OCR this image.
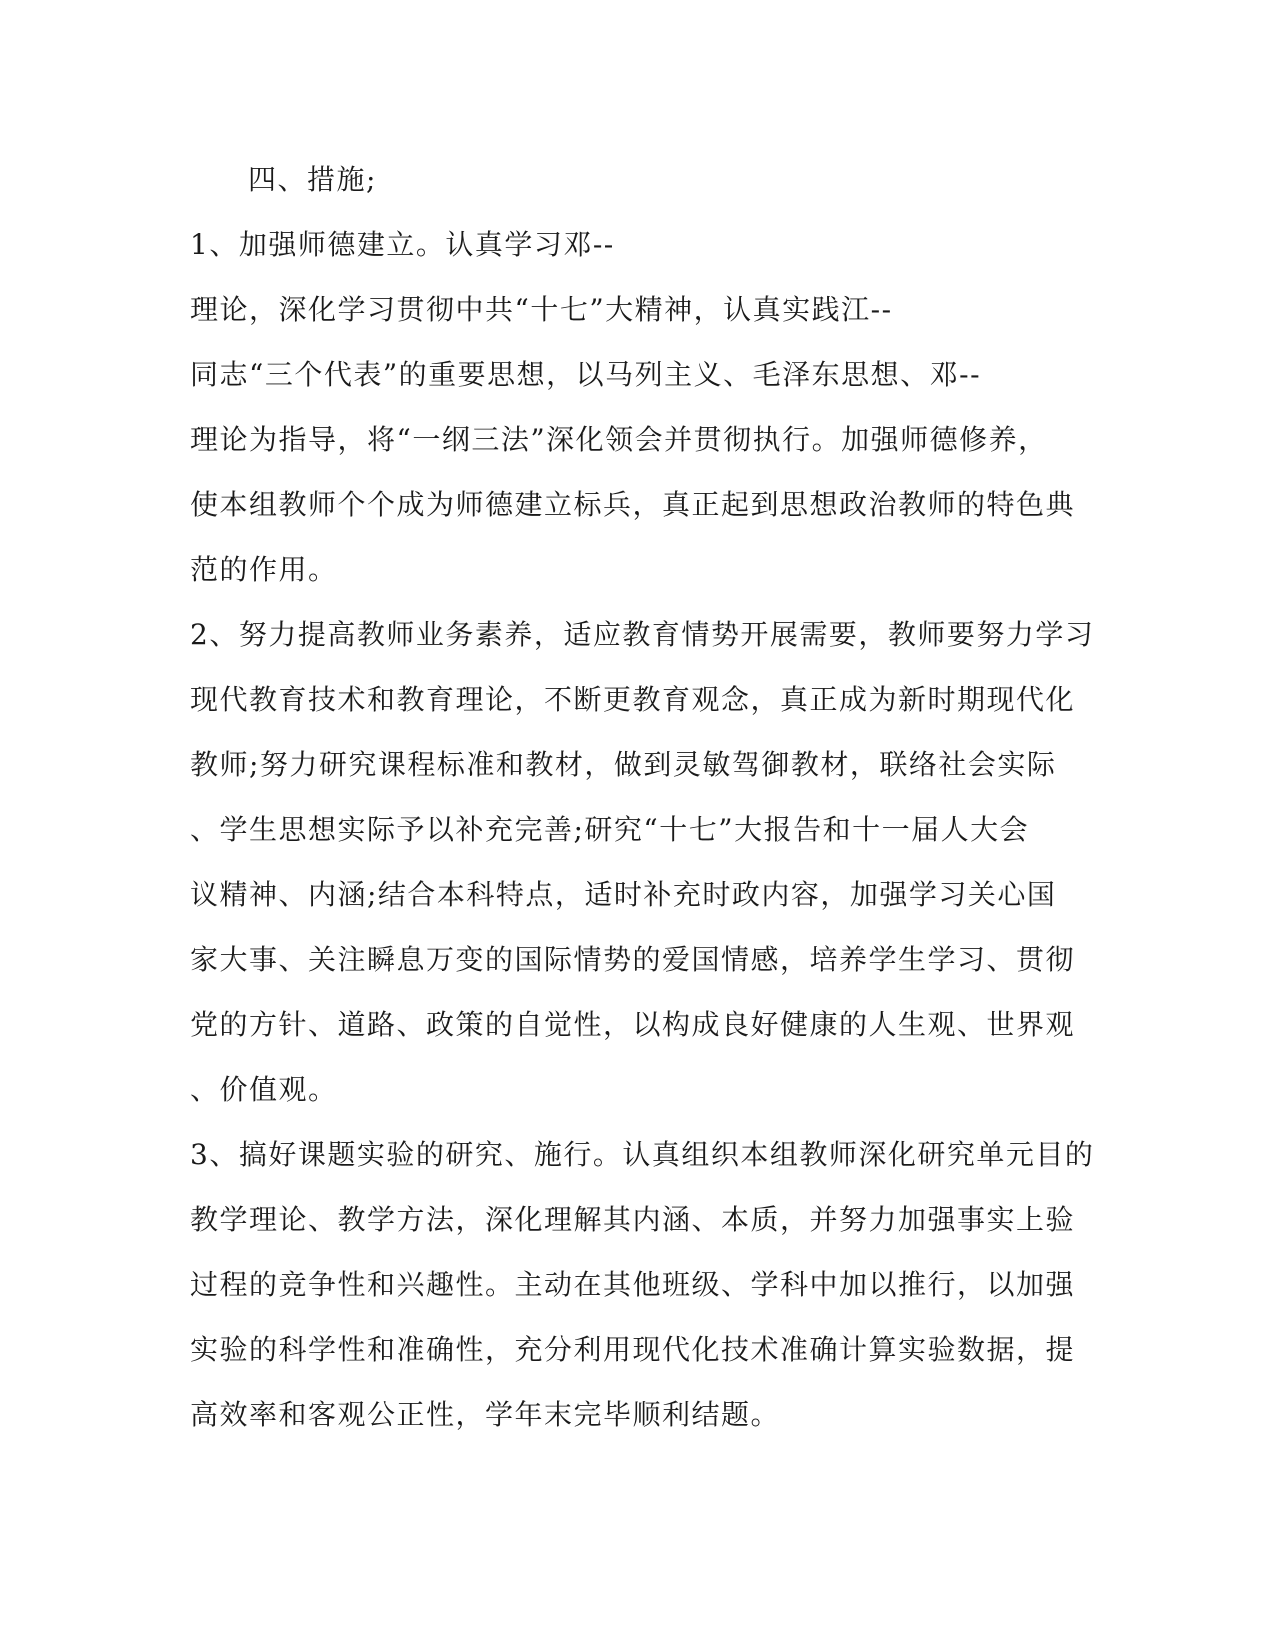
四、措施;
1、加强师德建立。认真学习邓--
理论，深化学习贯彻中共“十七”大精神，认真实践江--
同志“三个代表”的重要思想，以马列主义、毛泽东思想、邓--
理论为指导，将“一纲三法”深化领会并贯彻执行。加强师德修养，
使本组教师个个成为师德建立标兵，真正起到思想政治教师的特色典
范的作用。
2、努力提高教师业务素养，适应教育情势开展需要，教师要努力学习
现代教育技术和教育理论，不断更教育观念，真正成为新时期现代化
教师;努力研究课程标准和教材，做到灵敏驾御教材，联络社会实际
、学生思想实际予以补充完善;研究“十七”大报告和十一届人大会
议精神、内涵;结合本科特点，适时补充时政内容，加强学习关心国
家大事、关注瞬息万变的国际情势的爱国情感，培养学生学习、贯彻
党的方针、道路、政策的自觉性，以构成良好健康的人生观、世界观
、价值观。
3、搞好课题实验的研究、施行。认真组织本组教师深化研究单元目的
教学理论、教学方法，深化理解其内涵、本质，并努力加强事实上验
过程的竞争性和兴趣性。主动在其他班级、学科中加以推行，以加强
实验的科学性和准确性，充分利用现代化技术准确计算实验数据，提
高效率和客观公正性，学年末完毕顺利结题。
